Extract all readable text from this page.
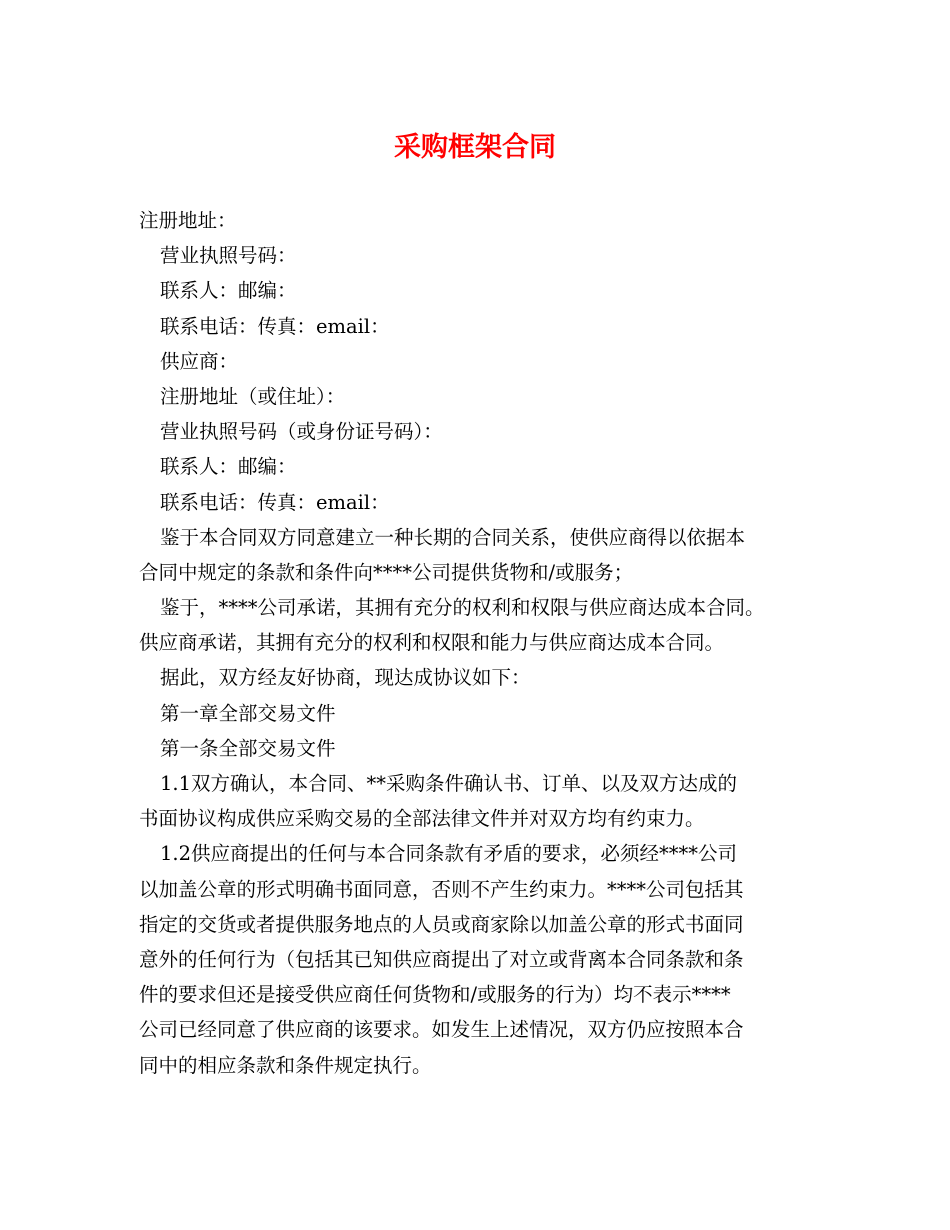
采购框架合同

注册地址：

营业执照号码：

联系人：邮编：

联系电话：传真：email：

供应商：

注册地址（或住址）：

营业执照号码（或身份证号码）：

联系人：邮编：

联系电话：传真：email：

鉴于本合同双方同意建立一种长期的合同关系，使供应商得以依据本

合同中规定的条款和条件向****公司提供货物和/或服务；

鉴于，****公司承诺，其拥有充分的权利和权限与供应商达成本合同。

供应商承诺，其拥有充分的权利和权限和能力与供应商达成本合同。

据此，双方经友好协商，现达成协议如下：

第一章全部交易文件

第一条全部交易文件

1.1双方确认，本合同、**采购条件确认书、订单、以及双方达成的

书面协议构成供应采购交易的全部法律文件并对双方均有约束力。

1.2供应商提出的任何与本合同条款有矛盾的要求，必须经****公司

以加盖公章的形式明确书面同意，否则不产生约束力。****公司包括其

指定的交货或者提供服务地点的人员或商家除以加盖公章的形式书面同

意外的任何行为（包括其已知供应商提出了对立或背离本合同条款和条

件的要求但还是接受供应商任何货物和/或服务的行为）均不表示****

公司已经同意了供应商的该要求。如发生上述情况，双方仍应按照本合

同中的相应条款和条件规定执行。
